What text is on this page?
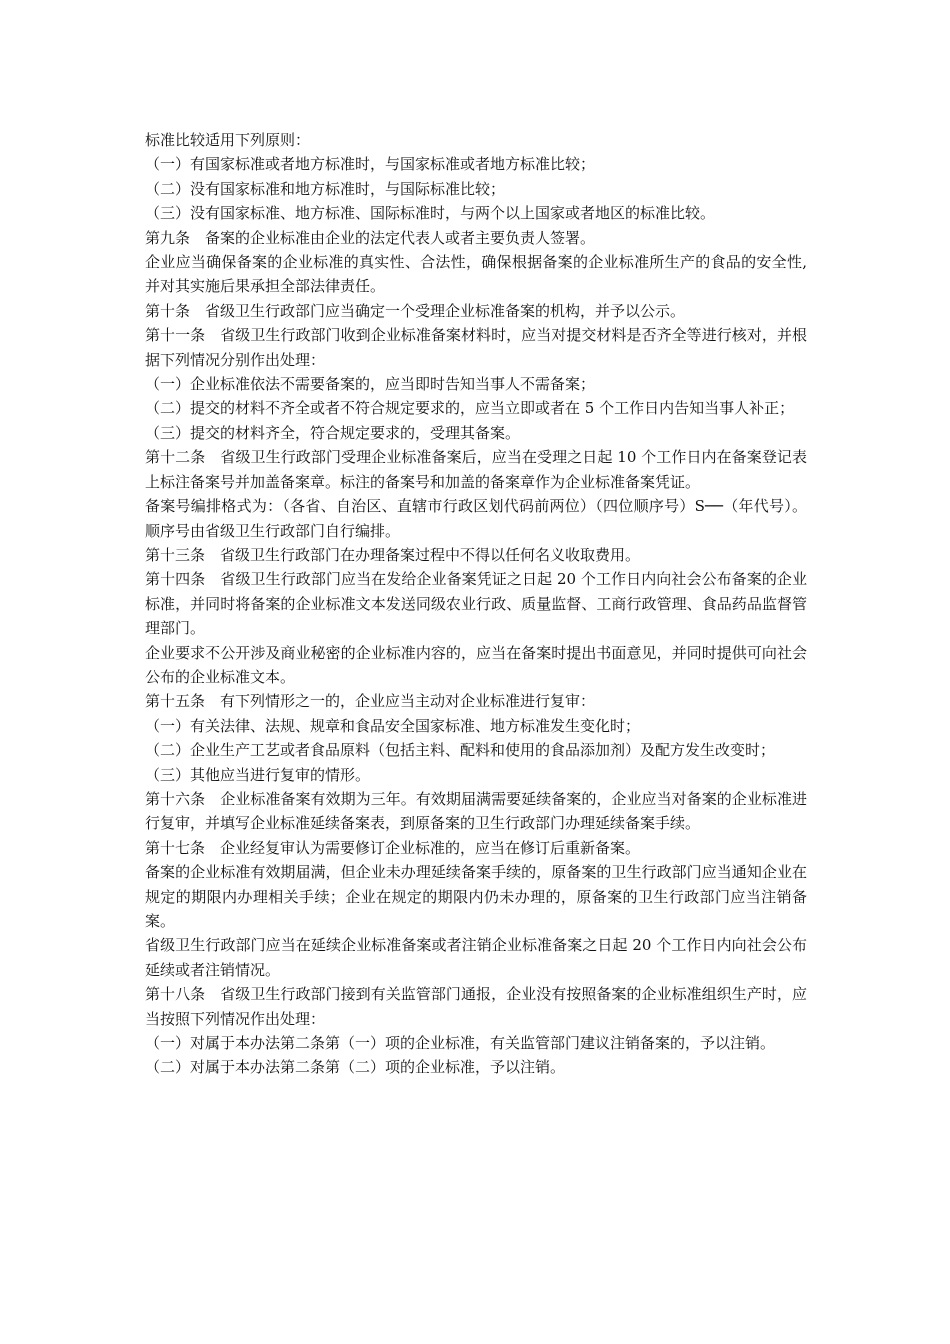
标准比较适用下列原则：

（一）有国家标准或者地方标准时，与国家标准或者地方标准比较；

（二）没有国家标准和地方标准时，与国际标准比较；

（三）没有国家标准、地方标准、国际标准时，与两个以上国家或者地区的标准比较。

第九条　备案的企业标准由企业的法定代表人或者主要负责人签署。

企业应当确保备案的企业标准的真实性、合法性，确保根据备案的企业标准所生产的食品的安全性,并对其实施后果承担全部法律责任。

第十条　省级卫生行政部门应当确定一个受理企业标准备案的机构，并予以公示。

第十一条　省级卫生行政部门收到企业标准备案材料时，应当对提交材料是否齐全等进行核对，并根据下列情况分别作出处理：

（一）企业标准依法不需要备案的，应当即时告知当事人不需备案；

（二）提交的材料不齐全或者不符合规定要求的，应当立即或者在 5 个工作日内告知当事人补正；

（三）提交的材料齐全，符合规定要求的，受理其备案。

第十二条　省级卫生行政部门受理企业标准备案后，应当在受理之日起 10 个工作日内在备案登记表上标注备案号并加盖备案章。标注的备案号和加盖的备案章作为企业标准备案凭证。

备案号编排格式为：（各省、自治区、直辖市行政区划代码前两位）（四位顺序号）S──（年代号）。顺序号由省级卫生行政部门自行编排。

第十三条　省级卫生行政部门在办理备案过程中不得以任何名义收取费用。

第十四条　省级卫生行政部门应当在发给企业备案凭证之日起 20 个工作日内向社会公布备案的企业标准，并同时将备案的企业标准文本发送同级农业行政、质量监督、工商行政管理、食品药品监督管理部门。

企业要求不公开涉及商业秘密的企业标准内容的，应当在备案时提出书面意见，并同时提供可向社会公布的企业标准文本。

第十五条　有下列情形之一的，企业应当主动对企业标准进行复审：

（一）有关法律、法规、规章和食品安全国家标准、地方标准发生变化时；

（二）企业生产工艺或者食品原料（包括主料、配料和使用的食品添加剂）及配方发生改变时；

（三）其他应当进行复审的情形。

第十六条　企业标准备案有效期为三年。有效期届满需要延续备案的，企业应当对备案的企业标准进行复审，并填写企业标准延续备案表，到原备案的卫生行政部门办理延续备案手续。

第十七条　企业经复审认为需要修订企业标准的，应当在修订后重新备案。

备案的企业标准有效期届满，但企业未办理延续备案手续的，原备案的卫生行政部门应当通知企业在规定的期限内办理相关手续；企业在规定的期限内仍未办理的，原备案的卫生行政部门应当注销备案。

省级卫生行政部门应当在延续企业标准备案或者注销企业标准备案之日起 20 个工作日内向社会公布延续或者注销情况。

第十八条　省级卫生行政部门接到有关监管部门通报，企业没有按照备案的企业标准组织生产时，应当按照下列情况作出处理：

（一）对属于本办法第二条第（一）项的企业标准，有关监管部门建议注销备案的，予以注销。

（二）对属于本办法第二条第（二）项的企业标准，予以注销。
